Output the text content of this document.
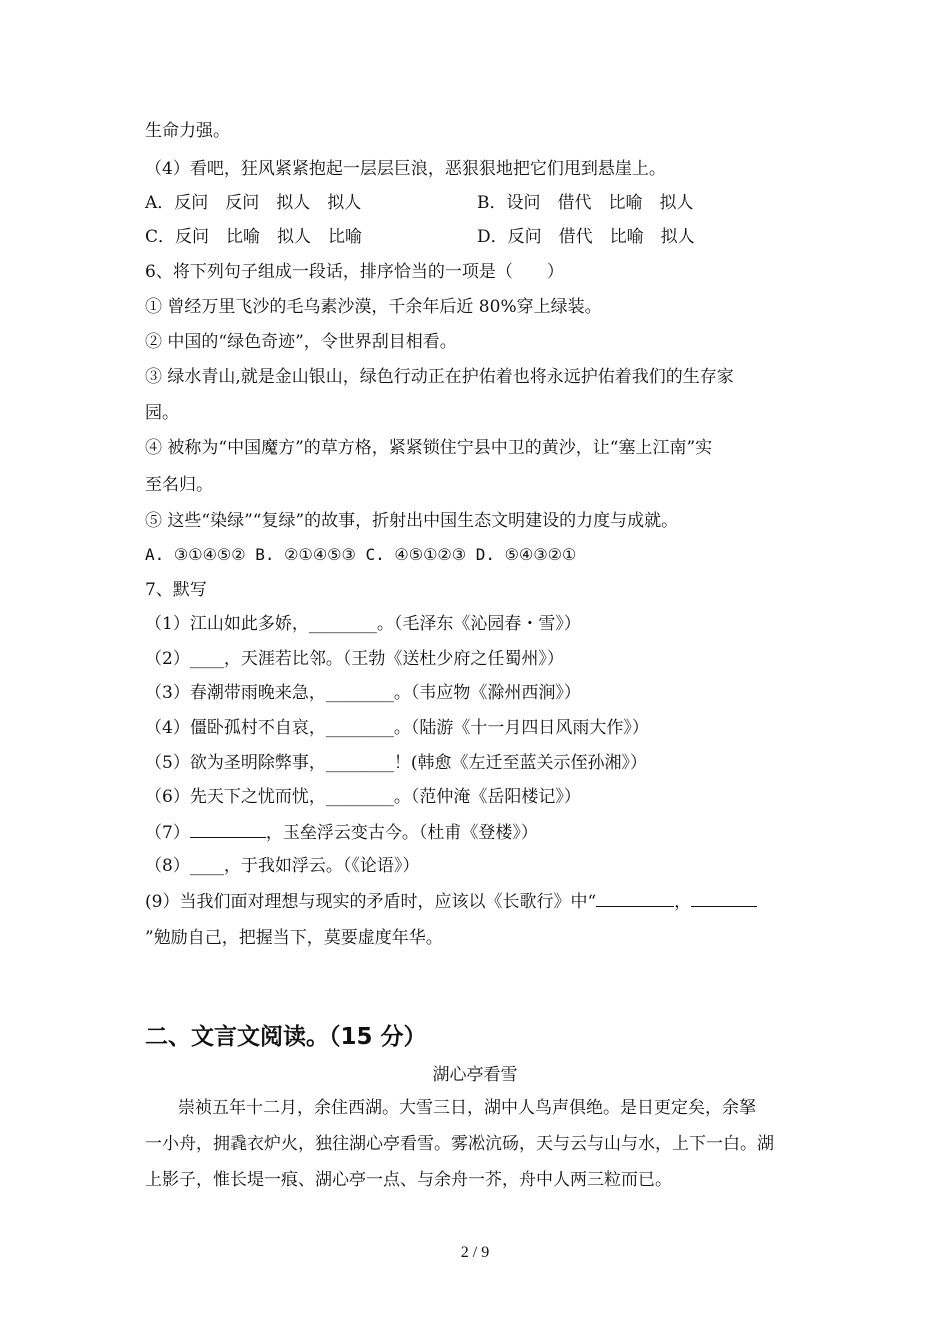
生命力强。
（4）看吧，狂风紧紧抱起一层层巨浪，恶狠狠地把它们甩到悬崖上。
A．反问　反问　拟人　拟人	B．设问　借代　比喻　拟人
C．反问　比喻　拟人　比喻	D．反问　借代　比喻　拟人
6、将下列句子组成一段话，排序恰当的一项是（　　）
① 曾经万里飞沙的毛乌素沙漠，千余年后近 80%穿上绿装。
② 中国的“绿色奇迹”，令世界刮目相看。
③ 绿水青山,就是金山银山，绿色行动正在护佑着也将永远护佑着我们的生存家
园。
④ 被称为“中国魔方”的草方格，紧紧锁住宁县中卫的黄沙，让“塞上江南”实
至名归。
⑤ 这些“染绿”“复绿”的故事，折射出中国生态文明建设的力度与成就。
A. ③①④⑤② B. ②①④⑤③ C. ④⑤①②③ D. ⑤④③②①
7、默写
（1）江山如此多娇，________。（毛泽东《沁园春・雪》）
（2）____，天涯若比邻。（王勃《送杜少府之任蜀州》）
（3）春潮带雨晚来急，________。（韦应物《滁州西涧》）
（4）僵卧孤村不自哀，________。（陆游《十一月四日风雨大作》）
（5）欲为圣明除弊事，________！(韩愈《左迁至蓝关示侄孙湘》）
（6）先天下之忧而忧，________。（范仲淹《岳阳楼记》）
（7）	，玉垒浮云变古今。（杜甫《登楼》）
（8）____，于我如浮云。（《论语》）
(9）当我们面对理想与现实的矛盾时，应该以《长歌行》中“	，
”勉励自己，把握当下，莫要虚度年华。
二、文言文阅读。（15 分）
湖心亭看雪
崇祯五年十二月，余住西湖。大雪三日，湖中人鸟声俱绝。是日更定矣，余拏
一小舟，拥毳衣炉火，独往湖心亭看雪。雾凇沆砀，天与云与山与水，上下一白。湖
上影子，惟长堤一痕、湖心亭一点、与余舟一芥，舟中人两三粒而已。
2 / 9
